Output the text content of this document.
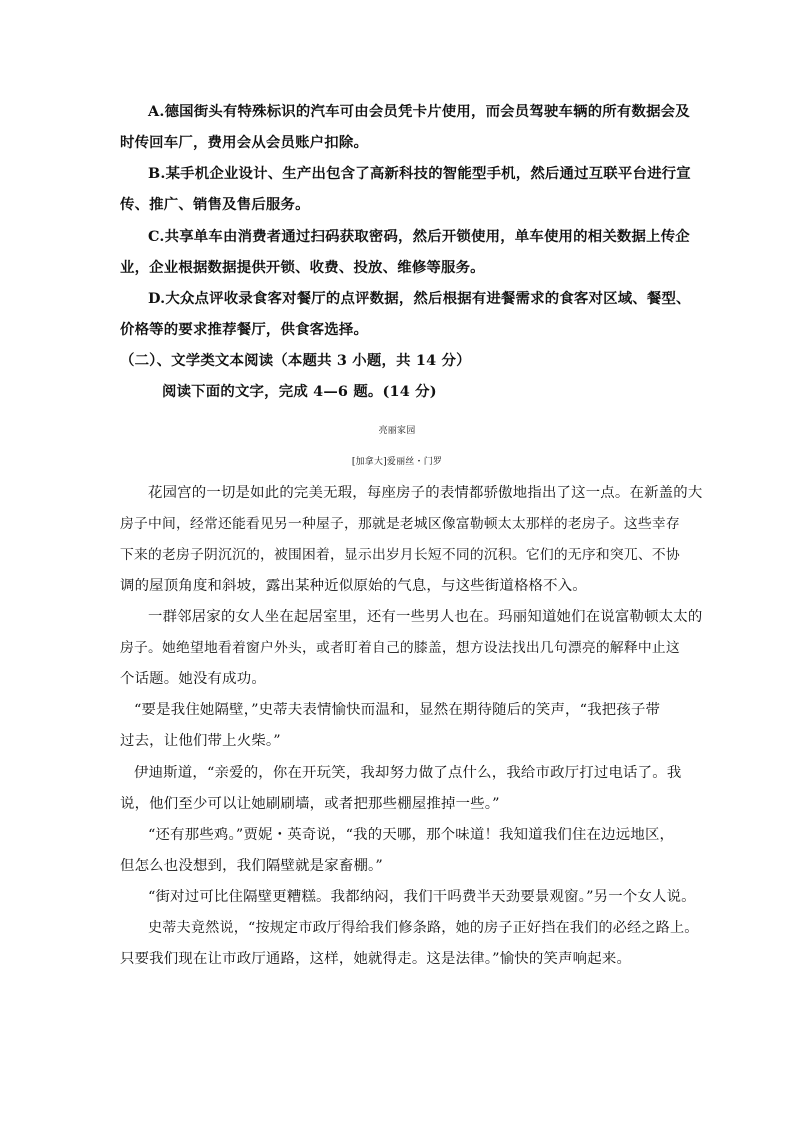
A.德国街头有特殊标识的汽车可由会员凭卡片使用，而会员驾驶车辆的所有数据会及
时传回车厂，费用会从会员账户扣除。
B.某手机企业设计、生产出包含了高新科技的智能型手机，然后通过互联平台进行宣
传、推广、销售及售后服务。
C.共享单车由消费者通过扫码获取密码，然后开锁使用，单车使用的相关数据上传企
业，企业根据数据提供开锁、收费、投放、维修等服务。
D.大众点评收录食客对餐厅的点评数据，然后根据有进餐需求的食客对区域、餐型、
价格等的要求推荐餐厅，供食客选择。
（二）、文学类文本阅读（本题共 3 小题，共 14 分）
阅读下面的文字，完成 4—6 题。(14 分)
亮丽家园
[加拿大]爱丽丝・门罗
花园宫的一切是如此的完美无瑕，每座房子的表情都骄傲地指出了这一点。在新盖的大
房子中间，经常还能看见另一种屋子，那就是老城区像富勒顿太太那样的老房子。这些幸存
下来的老房子阴沉沉的，被围困着，显示出岁月长短不同的沉积。它们的无序和突兀、不协
调的屋顶角度和斜坡，露出某种近似原始的气息，与这些街道格格不入。
一群邻居家的女人坐在起居室里，还有一些男人也在。玛丽知道她们在说富勒顿太太的
房子。她绝望地看着窗户外头，或者盯着自己的膝盖，想方设法找出几句漂亮的解释中止这
个话题。她没有成功。
“要是我住她隔壁，”史蒂夫表情愉快而温和，显然在期待随后的笑声，“我把孩子带
过去，让他们带上火柴。”
伊迪斯道，“亲爱的，你在开玩笑，我却努力做了点什么，我给市政厅打过电话了。我
说，他们至少可以让她刷刷墙，或者把那些棚屋推掉一些。”
“还有那些鸡。”贾妮・英奇说，“我的天哪，那个味道！我知道我们住在边远地区，
但怎么也没想到，我们隔壁就是家畜棚。”
“街对过可比住隔壁更糟糕。我都纳闷，我们干吗费半天劲要景观窗。”另一个女人说。
史蒂夫竟然说，“按规定市政厅得给我们修条路，她的房子正好挡在我们的必经之路上。
只要我们现在让市政厅通路，这样，她就得走。这是法律。”愉快的笑声响起来。
